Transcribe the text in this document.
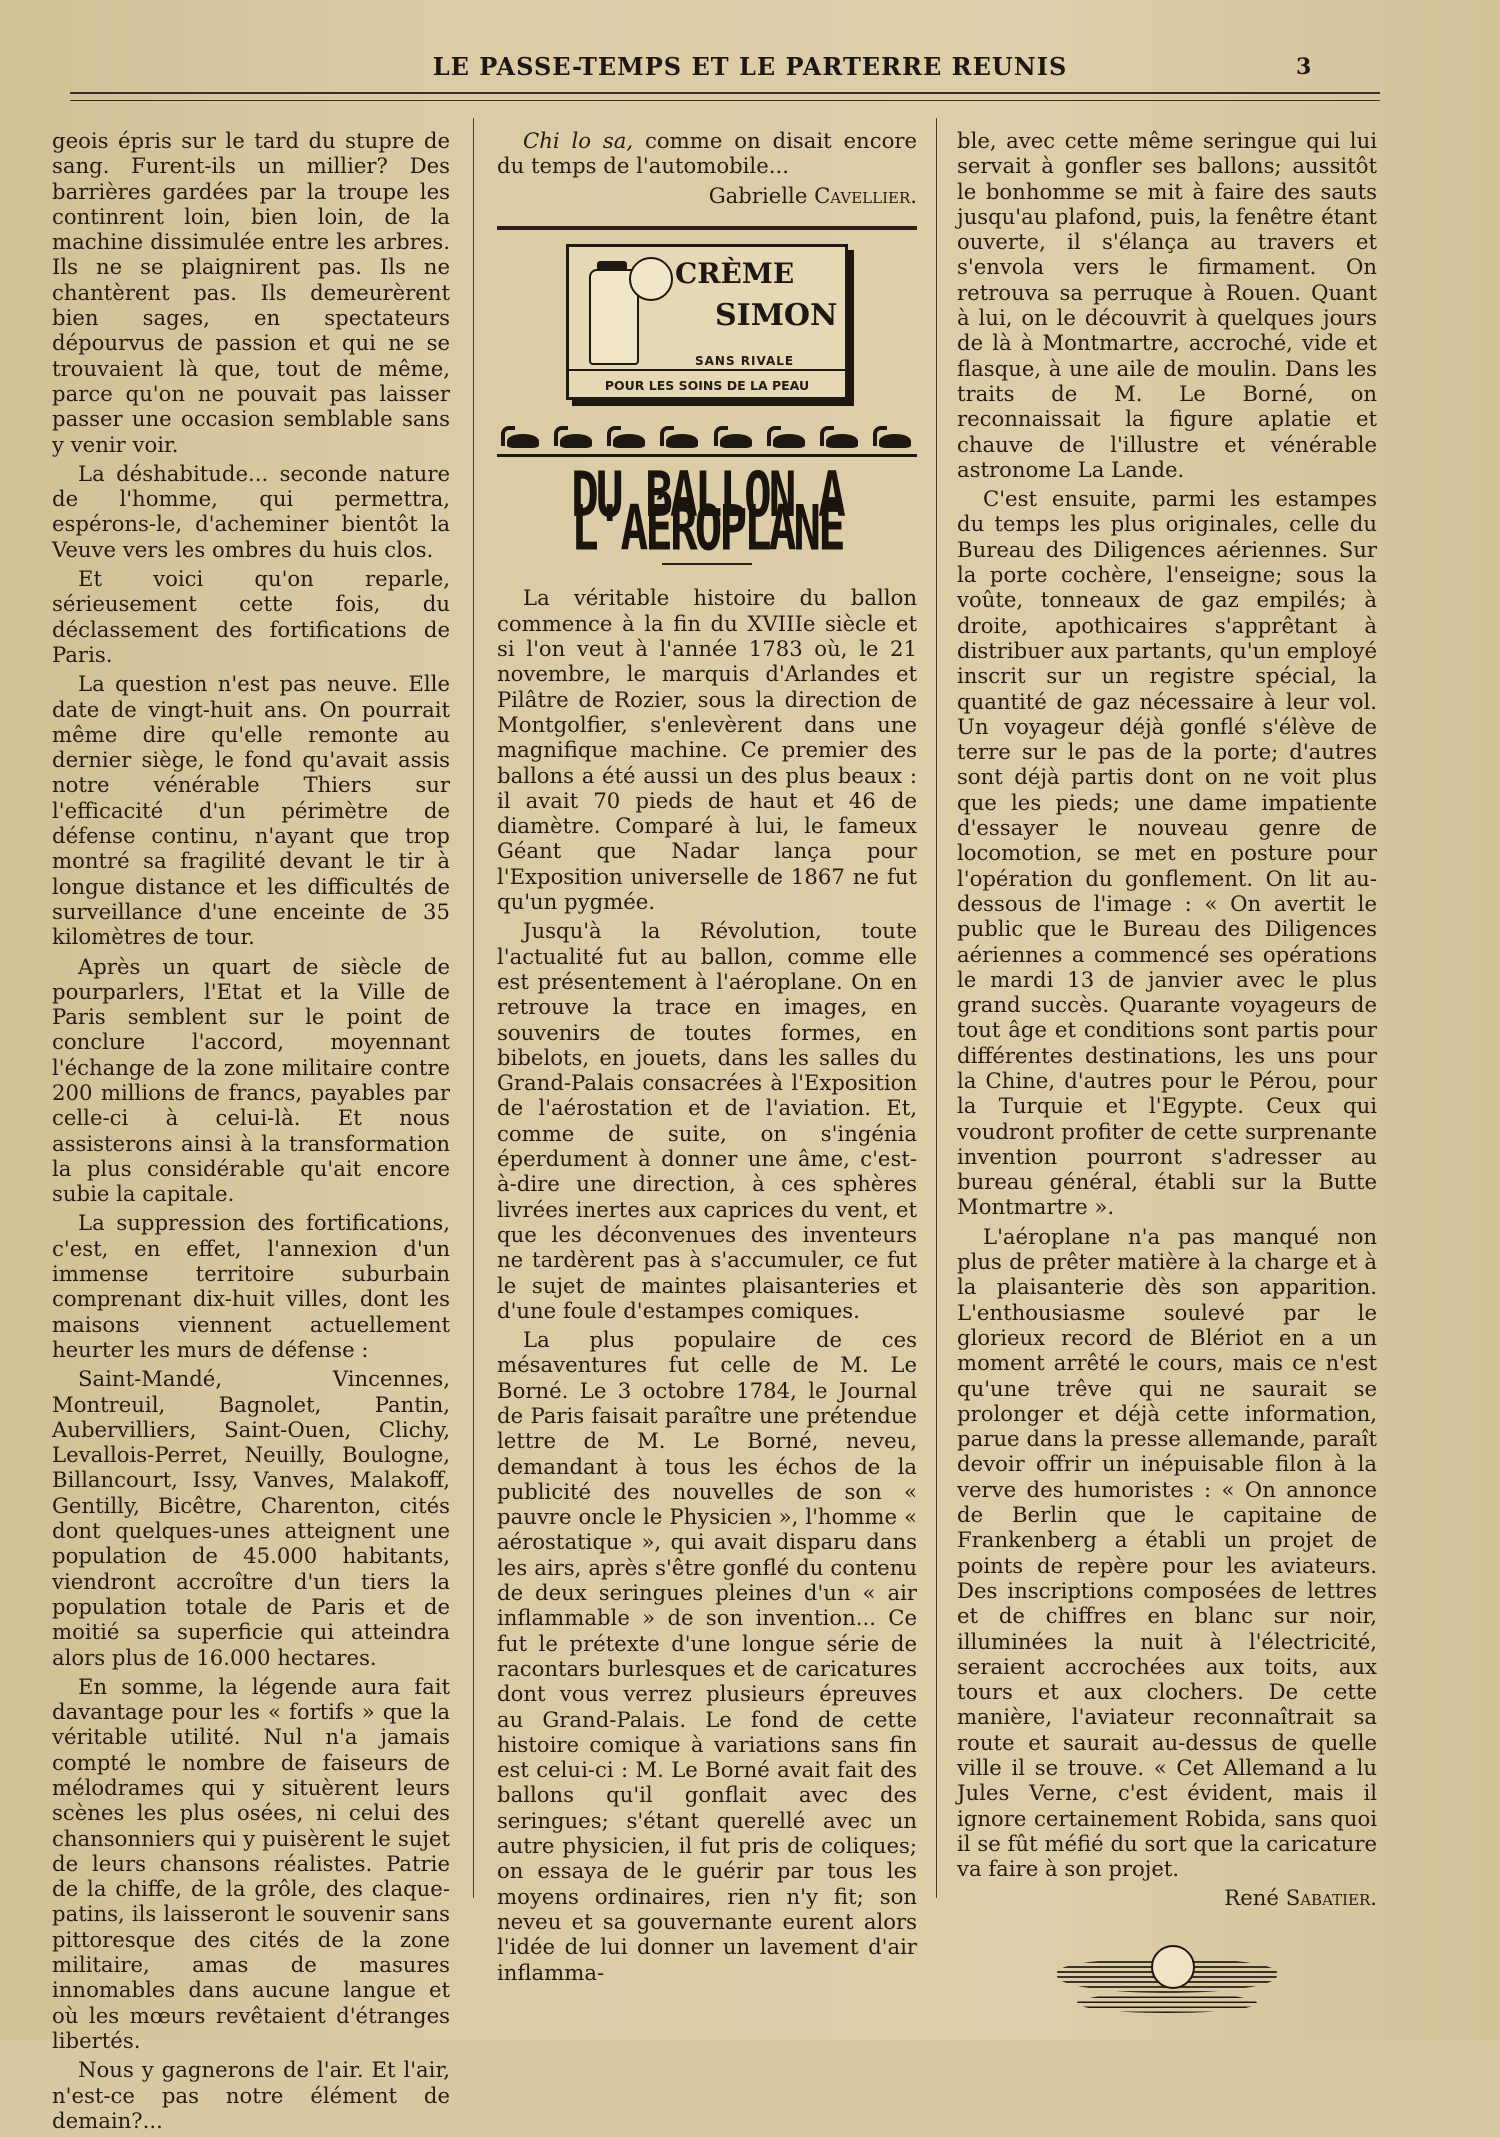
LE PASSE-TEMPS ET LE PARTERRE REUNIS	3

geois épris sur le tard du stupre de sang. Furent-ils un millier? Des barrières gardées par la troupe les continrent loin, bien loin, de la machine dissimulée entre les arbres. Ils ne se plaignirent pas. Ils ne chantèrent pas. Ils demeurèrent bien sages, en spectateurs dépourvus de passion et qui ne se trouvaient là que, tout de même, parce qu'on ne pouvait pas laisser passer une occasion semblable sans y venir voir.

La déshabitude... seconde nature de l'homme, qui permettra, espérons-le, d'acheminer bientôt la Veuve vers les ombres du huis clos.

Et voici qu'on reparle, sérieusement cette fois, du déclassement des fortifications de Paris.

La question n'est pas neuve. Elle date de vingt-huit ans. On pourrait même dire qu'elle remonte au dernier siège, le fond qu'avait assis notre vénérable Thiers sur l'efficacité d'un périmètre de défense continu, n'ayant que trop montré sa fragilité devant le tir à longue distance et les difficultés de surveillance d'une enceinte de 35 kilomètres de tour.

Après un quart de siècle de pourparlers, l'Etat et la Ville de Paris semblent sur le point de conclure l'accord, moyennant l'échange de la zone militaire contre 200 millions de francs, payables par celle-ci à celui-là. Et nous assisterons ainsi à la transformation la plus considérable qu'ait encore subie la capitale.

La suppression des fortifications, c'est, en effet, l'annexion d'un immense territoire suburbain comprenant dix-huit villes, dont les maisons viennent actuellement heurter les murs de défense :

Saint-Mandé, Vincennes, Montreuil, Bagnolet, Pantin, Aubervilliers, Saint-Ouen, Clichy, Levallois-Perret, Neuilly, Boulogne, Billancourt, Issy, Vanves, Malakoff, Gentilly, Bicêtre, Charenton, cités dont quelques-unes atteignent une population de 45.000 habitants, viendront accroître d'un tiers la population totale de Paris et de moitié sa superficie qui atteindra alors plus de 16.000 hectares.

En somme, la légende aura fait davantage pour les « fortifs » que la véritable utilité. Nul n'a jamais compté le nombre de faiseurs de mélodrames qui y situèrent leurs scènes les plus osées, ni celui des chansonniers qui y puisèrent le sujet de leurs chansons réalistes. Patrie de la chiffe, de la grôle, des claque-patins, ils laisseront le souvenir sans pittoresque des cités de la zone militaire, amas de masures innomables dans aucune langue et où les mœurs revêtaient d'étranges libertés.

Nous y gagnerons de l'air. Et l'air, n'est-ce pas notre élément de demain?...

Chi lo sa, comme on disait encore du temps de l'automobile...

Gabrielle Cavellier.

CRÈME
SIMON
SANS RIVALE
POUR LES SOINS DE LA PEAU
DU BALLON A L'AÉROPLANE

La véritable histoire du ballon commence à la fin du XVIIIe siècle et si l'on veut à l'année 1783 où, le 21 novembre, le marquis d'Arlandes et Pilâtre de Rozier, sous la direction de Montgolfier, s'enlevèrent dans une magnifique machine. Ce premier des ballons a été aussi un des plus beaux : il avait 70 pieds de haut et 46 de diamètre. Comparé à lui, le fameux Géant que Nadar lança pour l'Exposition universelle de 1867 ne fut qu'un pygmée.

Jusqu'à la Révolution, toute l'actualité fut au ballon, comme elle est présentement à l'aéroplane. On en retrouve la trace en images, en souvenirs de toutes formes, en bibelots, en jouets, dans les salles du Grand-Palais consacrées à l'Exposition de l'aérostation et de l'aviation. Et, comme de suite, on s'ingénia éperdument à donner une âme, c'est-à-dire une direction, à ces sphères livrées inertes aux caprices du vent, et que les déconvenues des inventeurs ne tardèrent pas à s'accumuler, ce fut le sujet de maintes plaisanteries et d'une foule d'estampes comiques.

La plus populaire de ces mésaventures fut celle de M. Le Borné. Le 3 octobre 1784, le Journal de Paris faisait paraître une prétendue lettre de M. Le Borné, neveu, demandant à tous les échos de la publicité des nouvelles de son « pauvre oncle le Physicien », l'homme « aérostatique », qui avait disparu dans les airs, après s'être gonflé du contenu de deux seringues pleines d'un « air inflammable » de son invention... Ce fut le prétexte d'une longue série de racontars burlesques et de caricatures dont vous verrez plusieurs épreuves au Grand-Palais. Le fond de cette histoire comique à variations sans fin est celui-ci : M. Le Borné avait fait des ballons qu'il gonflait avec des seringues; s'étant querellé avec un autre physicien, il fut pris de coliques; on essaya de le guérir par tous les moyens ordinaires, rien n'y fit; son neveu et sa gouvernante eurent alors l'idée de lui donner un lavement d'air inflamma-

ble, avec cette même seringue qui lui servait à gonfler ses ballons; aussitôt le bonhomme se mit à faire des sauts jusqu'au plafond, puis, la fenêtre étant ouverte, il s'élança au travers et s'envola vers le firmament. On retrouva sa perruque à Rouen. Quant à lui, on le découvrit à quelques jours de là à Montmartre, accroché, vide et flasque, à une aile de moulin. Dans les traits de M. Le Borné, on reconnaissait la figure aplatie et chauve de l'illustre et vénérable astronome La Lande.

C'est ensuite, parmi les estampes du temps les plus originales, celle du Bureau des Diligences aériennes. Sur la porte cochère, l'enseigne; sous la voûte, tonneaux de gaz empilés; à droite, apothicaires s'apprêtant à distribuer aux partants, qu'un employé inscrit sur un registre spécial, la quantité de gaz nécessaire à leur vol. Un voyageur déjà gonflé s'élève de terre sur le pas de la porte; d'autres sont déjà partis dont on ne voit plus que les pieds; une dame impatiente d'essayer le nouveau genre de locomotion, se met en posture pour l'opération du gonflement. On lit au-dessous de l'image : « On avertit le public que le Bureau des Diligences aériennes a commencé ses opérations le mardi 13 de janvier avec le plus grand succès. Quarante voyageurs de tout âge et conditions sont partis pour différentes destinations, les uns pour la Chine, d'autres pour le Pérou, pour la Turquie et l'Egypte. Ceux qui voudront profiter de cette surprenante invention pourront s'adresser au bureau général, établi sur la Butte Montmartre ».

L'aéroplane n'a pas manqué non plus de prêter matière à la charge et à la plaisanterie dès son apparition. L'enthousiasme soulevé par le glorieux record de Blériot en a un moment arrêté le cours, mais ce n'est qu'une trêve qui ne saurait se prolonger et déjà cette information, parue dans la presse allemande, paraît devoir offrir un inépuisable filon à la verve des humoristes : « On annonce de Berlin que le capitaine de Frankenberg a établi un projet de points de repère pour les aviateurs. Des inscriptions composées de lettres et de chiffres en blanc sur noir, illuminées la nuit à l'électricité, seraient accrochées aux toits, aux tours et aux clochers. De cette manière, l'aviateur reconnaîtrait sa route et saurait au-dessus de quelle ville il se trouve. « Cet Allemand a lu Jules Verne, c'est évident, mais il ignore certainement Robida, sans quoi il se fût méfié du sort que la caricature va faire à son projet.

René Sabatier.
